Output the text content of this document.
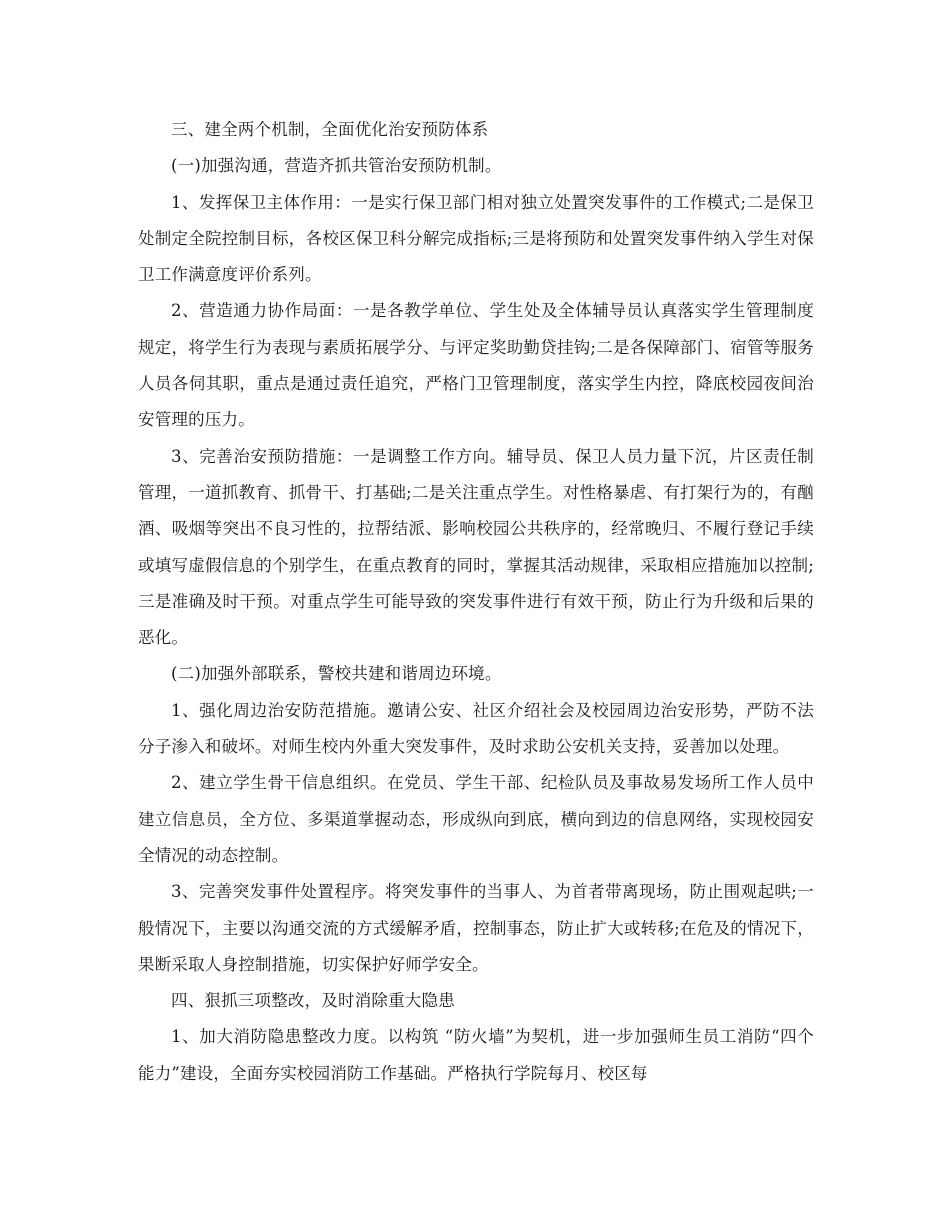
三、建全两个机制，全面优化治安预防体系

(一)加强沟通，营造齐抓共管治安预防机制。

1、发挥保卫主体作用：一是实行保卫部门相对独立处置突发事件的工作模式;二是保卫处制定全院控制目标，各校区保卫科分解完成指标;三是将预防和处置突发事件纳入学生对保卫工作满意度评价系列。

2、营造通力协作局面：一是各教学单位、学生处及全体辅导员认真落实学生管理制度规定，将学生行为表现与素质拓展学分、与评定奖助勤贷挂钩;二是各保障部门、宿管等服务人员各伺其职，重点是通过责任追究，严格门卫管理制度，落实学生内控，降底校园夜间治安管理的压力。

3、完善治安预防措施：一是调整工作方向。辅导员、保卫人员力量下沉，片区责任制管理，一道抓教育、抓骨干、打基础;二是关注重点学生。对性格暴虐、有打架行为的，有酗酒、吸烟等突出不良习性的，拉帮结派、影响校园公共秩序的，经常晚归、不履行登记手续或填写虚假信息的个别学生，在重点教育的同时，掌握其活动规律，采取相应措施加以控制;三是准确及时干预。对重点学生可能导致的突发事件进行有效干预，防止行为升级和后果的恶化。

(二)加强外部联系，警校共建和谐周边环境。

1、强化周边治安防范措施。邀请公安、社区介绍社会及校园周边治安形势，严防不法分子渗入和破坏。对师生校内外重大突发事件，及时求助公安机关支持，妥善加以处理。

2、建立学生骨干信息组织。在党员、学生干部、纪检队员及事故易发场所工作人员中建立信息员，全方位、多渠道掌握动态，形成纵向到底，横向到边的信息网络，实现校园安全情况的动态控制。

3、完善突发事件处置程序。将突发事件的当事人、为首者带离现场，防止围观起哄;一般情况下，主要以沟通交流的方式缓解矛盾，控制事态，防止扩大或转移;在危及的情况下，果断采取人身控制措施，切实保护好师学安全。

四、狠抓三项整改，及时消除重大隐患

1、加大消防隐患整改力度。以构筑 “防火墙”为契机，进一步加强师生员工消防“四个能力”建设，全面夯实校园消防工作基础。严格执行学院每月、校区每
